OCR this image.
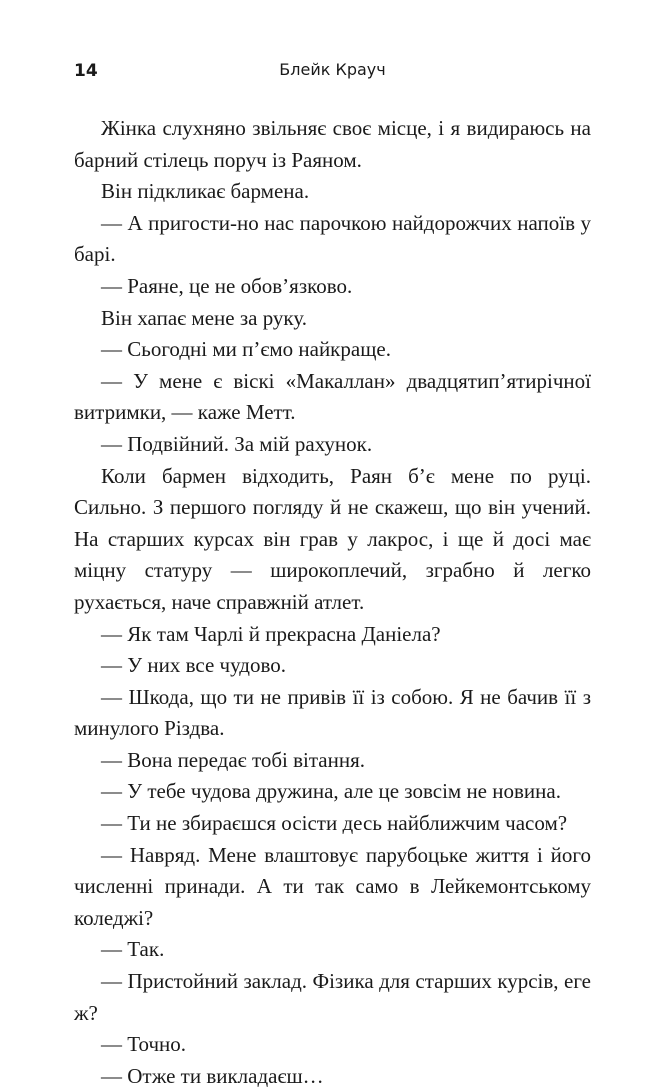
14	Блейк Крауч

Жінка слухняно звільняє своє місце, і я видираюсь на барний стілець поруч із Раяном.

Він підкликає бармена.

— А пригости-но нас парочкою найдорожчих напоїв у барі.

— Раяне, це не обов’язково.

Він хапає мене за руку.

— Сьогодні ми п’ємо найкраще.

— У мене є віскі «Макаллан» двадцятип’ятирічної витримки, — каже Метт.

— Подвійний. За мій рахунок.

Коли бармен відходить, Раян б’є мене по руці. Сильно. З першого погляду й не скажеш, що він учений. На старших курсах він грав у лакрос, і ще й досі має міцну статуру — широкоплечий, зграбно й легко рухається, наче справжній атлет.

— Як там Чарлі й прекрасна Даніела?

— У них все чудово.

— Шкода, що ти не привів її із собою. Я не бачив її з минулого Різдва.

— Вона передає тобі вітання.

— У тебе чудова дружина, але це зовсім не новина.

— Ти не збираєшся осісти десь найближчим часом?

— Навряд. Мене влаштовує парубоцьке життя і його численні принади. А ти так само в Лейкемонтському коледжі?

— Так.

— Пристойний заклад. Фізика для старших курсів, еге ж?

— Точно.

— Отже ти викладаєш…
